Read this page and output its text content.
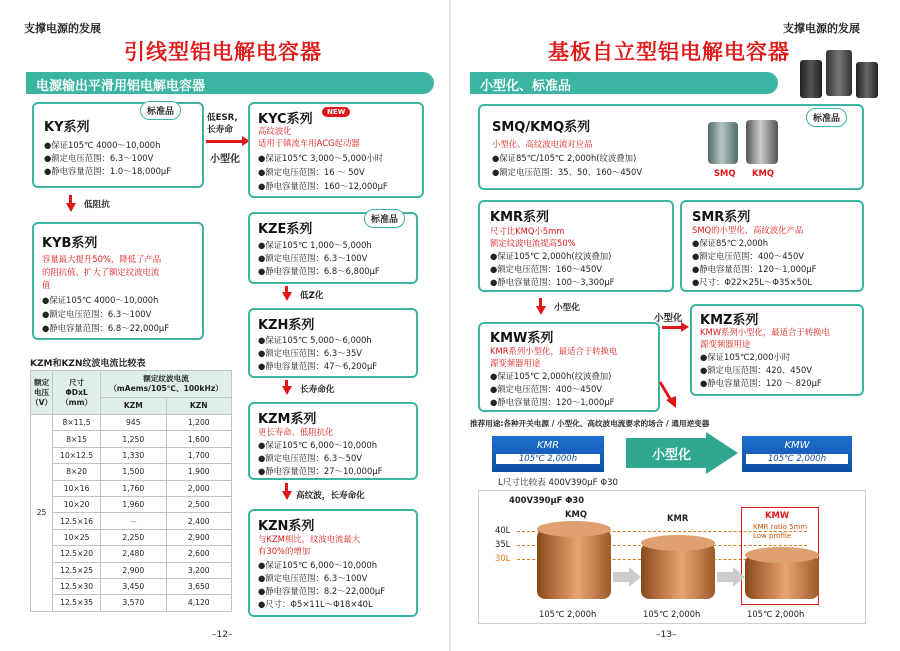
支撑电源的发展
引线型铝电解电容器
电源输出平滑用铝电解电容器
KY系列
●保证105℃ 4000～10,000h
●额定电压范围：6.3～100V
●静电容量范围：1.0～18,000μF
标准品
低ESR,
长寿命
小型化
KYC系列
高纹波化
适用于镇流车用ACG起动器
●保证105℃ 3,000～5,000小时
●额定电压范围：16 ～ 50V
●静电容量范围：160～12,000μF
NEW
低阻抗
KYB系列
容量最大提升50%，降低了产品
的阻抗值、扩大了额定纹波电流
值
●保证105℃ 4000～10,000h
●额定电压范围：6.3～100V
●静电容量范围：6.8～22,000μF
KZE系列
●保证105℃ 1,000～5,000h
●额定电压范围：6.3～100V
●静电容量范围：6.8～6,800μF
标准品
低Z化
KZH系列
●保证105℃ 5,000～6,000h
●额定电压范围：6.3～35V
●静电容量范围：47～6,200μF
长寿命化
KZM系列
更长寿命、低阻抗化
●保证105℃ 6,000～10,000h
●额定电压范围：6.3～50V
●静电容量范围：27～10,000μF
高纹波，长寿命化
KZN系列
与KZM相比，纹波电流最大
有30%的增加
●保证105℃ 6,000～10,000h
●额定电压范围：6.3～100V
●静电容量范围：8.2～22,000μF
●尺寸：Φ5×11L～Φ18×40L
KZM和KZN纹波电流比较表
额定
电压
（V）	尺寸
ΦDxL
（mm）	额定纹波电流
（mAems/105℃、100kHz）	
		KZM	KZN
25	8×11.5	945	1,200
	8×15	1,250	1,600
	10×12.5	1,330	1,700
	8×20	1,500	1,900
	10×16	1,760	2,000
	10×20	1,960	2,500
	12.5×16	－	2,400
	10×25	2,250	2,900
	12.5×20	2,480	2,600
	12.5×25	2,900	3,200
	12.5×30	3,450	3,650
	12.5×35	3,570	4,120
–12–
支撑电源的发展
基板自立型铝电解电容器
小型化、标准品
SMQ/KMQ系列
小型化、高纹波电流对应品
●保证85℃/105℃ 2,000h(纹波叠加)
●额定电压范围：35、50、160～450V	SMQ KMQ
标准品
KMR系列
尺寸比KMQ小5mm
额定纹波电流提高50%
●保证105℃ 2,000h(纹波叠加)
●额定电压范围：160～450V
●静电容量范围：100～3,300μF
SMR系列
SMQ的小型化、高纹波化产品
●保证85℃ 2,000h
●额定电压范围：400～450V
●静电容量范围：120～1,000μF
●尺寸：Φ22×25L～Φ35×50L
小型化
KMW系列
KMR系列小型化，最适合于转换电
源变频器用途
●保证105℃ 2,000h(纹波叠加)
●额定电压范围：400～450V
●静电容量范围：120～1,000μF
小型化 KMZ系列
KMW系列小型化，最适合于转换电
源变频器用途
●保证105℃2,000小时
●额定电压范围：420、450V
●静电容量范围：120 ～ 820μF
推荐用途:各种开关电源 / 小型化、高纹波电流要求的场合 / 通用逆变器
KMR
105℃ 2,000h	小型化
KMW
105℃ 2,000h
L尺寸比较表 400V390μF Φ30
400V390μF Φ30
40L
35L
30L
KMQ	KMR	KMW
KMR ratio 5mm
Low profile
105℃ 2,000h	105℃ 2,000h	105℃ 2,000h
–13–
